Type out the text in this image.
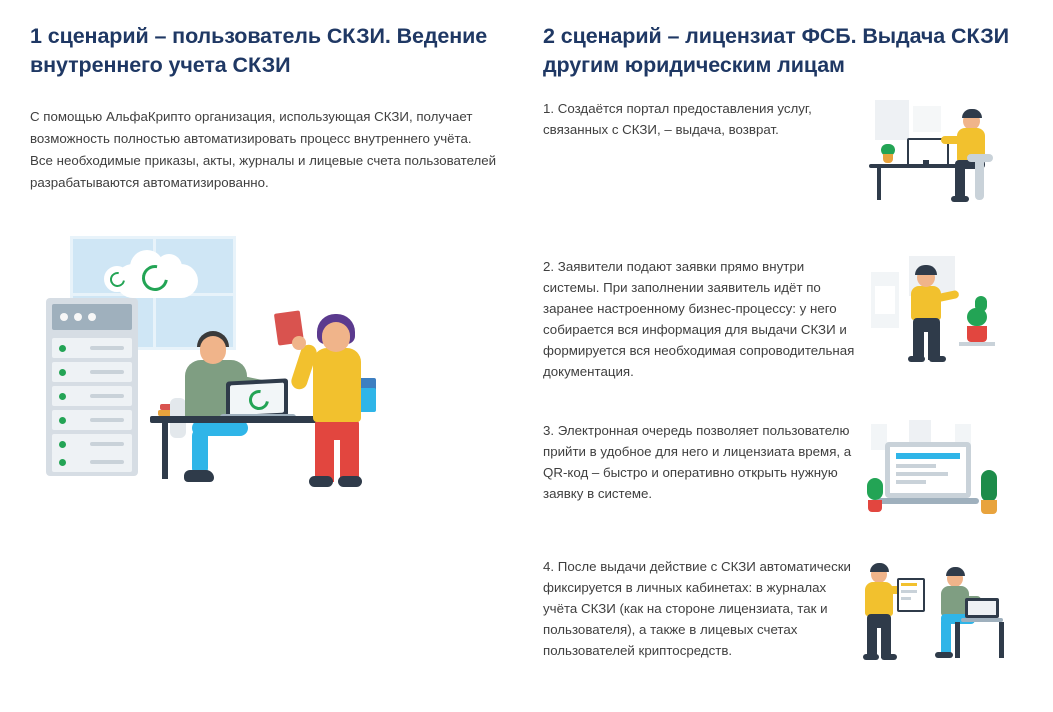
1 сценарий – пользователь СКЗИ. Ведение внутреннего учета СКЗИ

С помощью АльфаКрипто организация, использующая СКЗИ, получает возможность полностью автоматизировать процесс внутреннего учёта. Все необходимые приказы, акты, журналы и лицевые счета пользователей разрабатываются автоматизированно.

2 сценарий – лицензиат ФСБ. Выдача СКЗИ другим юридическим лицам
1. Создаётся портал предоставления услуг, связанных с СКЗИ, – выдача, возврат.
2. Заявители подают заявки прямо внутри системы. При заполнении заявитель идёт по заранее настроенному бизнес-процессу: у него собирается вся информация для выдачи СКЗИ и формируется вся необходимая сопроводительная документация.
3. Электронная очередь позволяет пользователю прийти в удобное для него и лицензиата время, а QR-код – быстро и оперативно открыть нужную заявку в системе.
4. После выдачи действие с СКЗИ автоматически фиксируется в личных кабинетах: в журналах учёта СКЗИ (как на стороне лицензиата, так и пользователя), а также в лицевых счетах пользователей криптосредств.
